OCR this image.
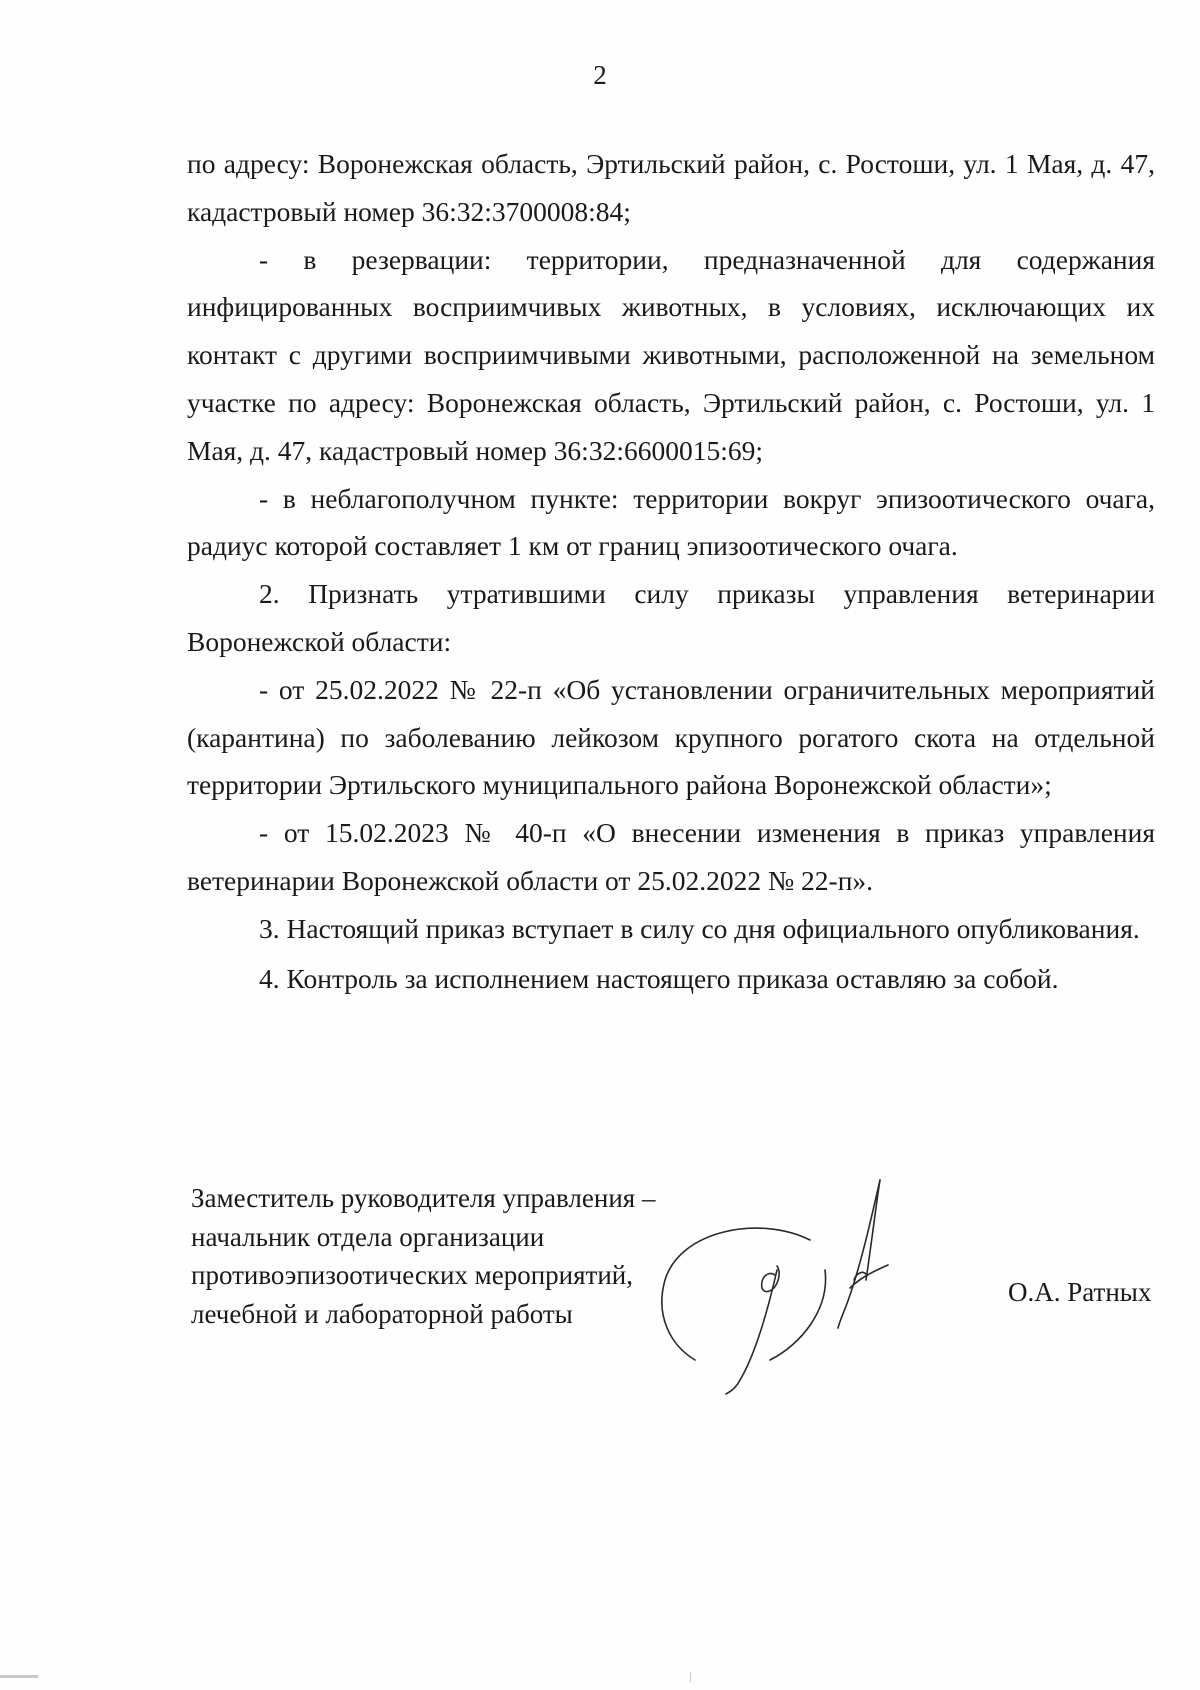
2

по адресу: Воронежская область, Эртильский район, с. Ростоши, ул. 1 Мая, д. 47, кадастровый номер 36:32:3700008:84;

- в резервации: территории, предназначенной для содержания инфицированных восприимчивых животных, в условиях, исключающих их контакт с другими восприимчивыми животными, расположенной на земельном участке по адресу: Воронежская область, Эртильский район, с. Ростоши, ул. 1 Мая, д. 47, кадастровый номер 36:32:6600015:69;

- в неблагополучном пункте: территории вокруг эпизоотического очага, радиус которой составляет 1 км от границ эпизоотического очага.

2. Признать утратившими силу приказы управления ветеринарии Воронежской области:

- от 25.02.2022 № 22-п «Об установлении ограничительных мероприятий (карантина) по заболеванию лейкозом крупного рогатого скота на отдельной территории Эртильского муниципального района Воронежской области»;

- от 15.02.2023 № 40-п «О внесении изменения в приказ управления ветеринарии Воронежской области от 25.02.2022 № 22-п».

3. Настоящий приказ вступает в силу со дня официального опубликования.

4. Контроль за исполнением настоящего приказа оставляю за собой.

Заместитель руководителя управления –
начальник отдела организации
противоэпизоотических мероприятий,
лечебной и лабораторной работы
О.А. Ратных
